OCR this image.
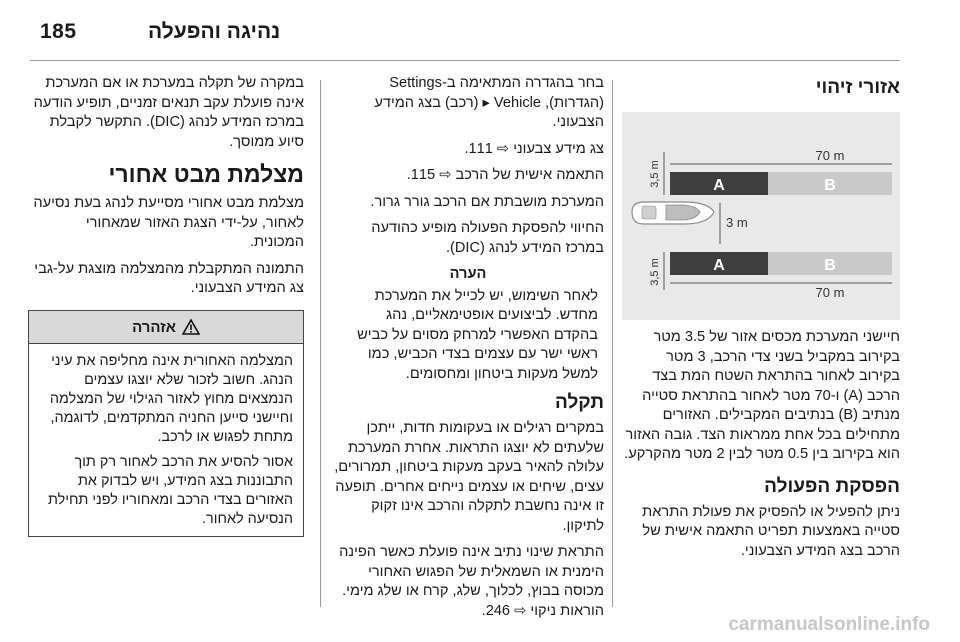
185	נהיגה והפעלה
אזורי זיהוי
A	B
A	B
70 m
70 m
3,5 m
3,5 m
3 m

חיישני המערכת מכסים אזור של 3.5 מטר בקירוב במקביל בשני צדי הרכב, 3 מטר בקירוב לאחור בהתראת השטח המת בצד הרכב (A) ו-70 מטר לאחור בהתראת סטייה מנתיב (B) בנתיבים המקבילים. האזורים מתחילים בכל אחת ממראות הצד. גובה האזור הוא בקירוב בין 0.5 מטר לבין 2 מטר מהקרקע.

הפסקת הפעולה

ניתן להפעיל או להפסיק את פעולת התראת סטייה באמצעות תפריט התאמה אישית של הרכב בצג המידע הצבעוני.

בחר בהגדרה המתאימה ב-Settings (הגדרות), Vehicle ▸ (רכב) בצג המידע הצבעוני.

צג מידע צבעוני ⇨ 111.

התאמה אישית של הרכב ⇨ 115.

המערכת מושבתת אם הרכב גורר גרור.

החיווי להפסקת הפעולה מופיע כהודעה במרכז המידע לנהג (DIC).

הערה

לאחר השימוש, יש לכייל את המערכת מחדש. לביצועים אופטימאליים, נהג בהקדם האפשרי למרחק מסוים על כביש ראשי ישר עם עצמים בצדי הכביש, כמו למשל מעקות ביטחון ומחסומים.

תקלה

במקרים רגילים או בעקומות חדות, ייתכן שלעתים לא יוצגו התראות. אחרת המערכת עלולה להאיר בעקב מעקות ביטחון, תמרורים, עצים, שיחים או עצמים נייחים אחרים. תופעה זו אינה נחשבת לתקלה והרכב אינו זקוק לתיקון.

התראת שינוי נתיב אינה פועלת כאשר הפינה הימנית או השמאלית של הפגוש האחורי מכוסה בבוץ, לכלוך, שלג, קרח או שלג מימי. הוראות ניקוי ⇨ 246.

במקרה של תקלה במערכת או אם המערכת אינה פועלת עקב תנאים זמניים, תופיע הודעה במרכז המידע לנהג (DIC). התקשר לקבלת סיוע ממוסך.

מצלמת מבט אחורי

מצלמת מבט אחורי מסייעת לנהג בעת נסיעה לאחור, על-ידי הצגת האזור שמאחורי המכונית.

התמונה המתקבלת מהמצלמה מוצגת על-גבי צג המידע הצבעוני.

אזהרה

המצלמה האחורית אינה מחליפה את עיני הנהג. חשוב לזכור שלא יוצגו עצמים הנמצאים מחוץ לאזור הגילוי של המצלמה וחיישני סייען החניה המתקדמים, לדוגמה, מתחת לפגוש או לרכב.

אסור להסיע את הרכב לאחור רק תוך התבוננות בצג המידע, ויש לבדוק את האזורים בצדי הרכב ומאחוריו לפני תחילת הנסיעה לאחור.

carmanualsonline.info
